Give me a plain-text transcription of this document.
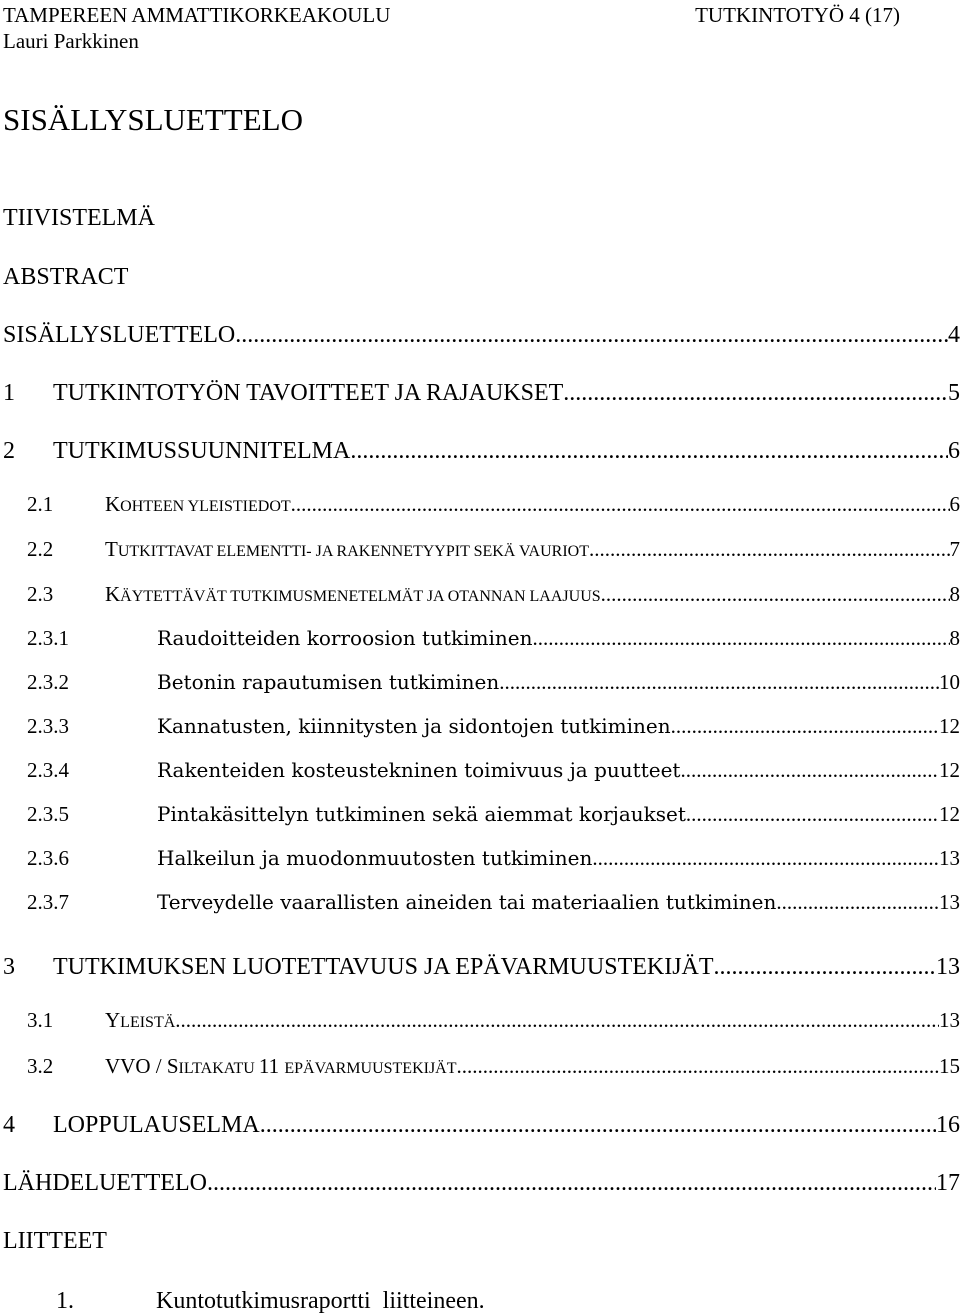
TAMPEREEN AMMATTIKORKEAKOULU	TUTKINTOTYÖ 4 (17)
Lauri Parkkinen
SISÄLLYSLUETTELO
TIIVISTELMÄ
ABSTRACT
SISÄLLYSLUETTELO .....	4
1	TUTKINTOTYÖN TAVOITTEET JA RAJAUKSET .....	5
2	TUTKIMUSSUUNNITELMA .....	6
2.1	KOHTEEN YLEISTIEDOT .....	6
2.2	TUTKITTAVAT ELEMENTTI- JA RAKENNETYYPIT SEKÄ VAURIOT .....	7
2.3	KÄYTETTÄVÄT TUTKIMUSMENETELMÄT JA OTANNAN LAAJUUS .....	8
2.3.1	Raudoitteiden korroosion tutkiminen .....	8
2.3.2	Betonin rapautumisen tutkiminen .....	10
2.3.3	Kannatusten, kiinnitysten ja sidontojen tutkiminen .....	12
2.3.4	Rakenteiden kosteustekninen toimivuus ja puutteet .....	12
2.3.5	Pintakäsittelyn tutkiminen sekä aiemmat korjaukset .....	12
2.3.6	Halkeilun ja muodonmuutosten tutkiminen .....	13
2.3.7	Terveydelle vaarallisten aineiden tai materiaalien tutkiminen .....	13
3	TUTKIMUKSEN LUOTETTAVUUS JA EPÄVARMUUSTEKIJÄT .....	13
3.1	YLEISTÄ .....	13
3.2	VVO / SILTAKATU 11 EPÄVARMUUSTEKIJÄT .....	15
4	LOPPULAUSELMA .....	16
LÄHDELUETTELO .....	17
LIITTEET
1.	Kuntotutkimusraportti  liitteineen.
